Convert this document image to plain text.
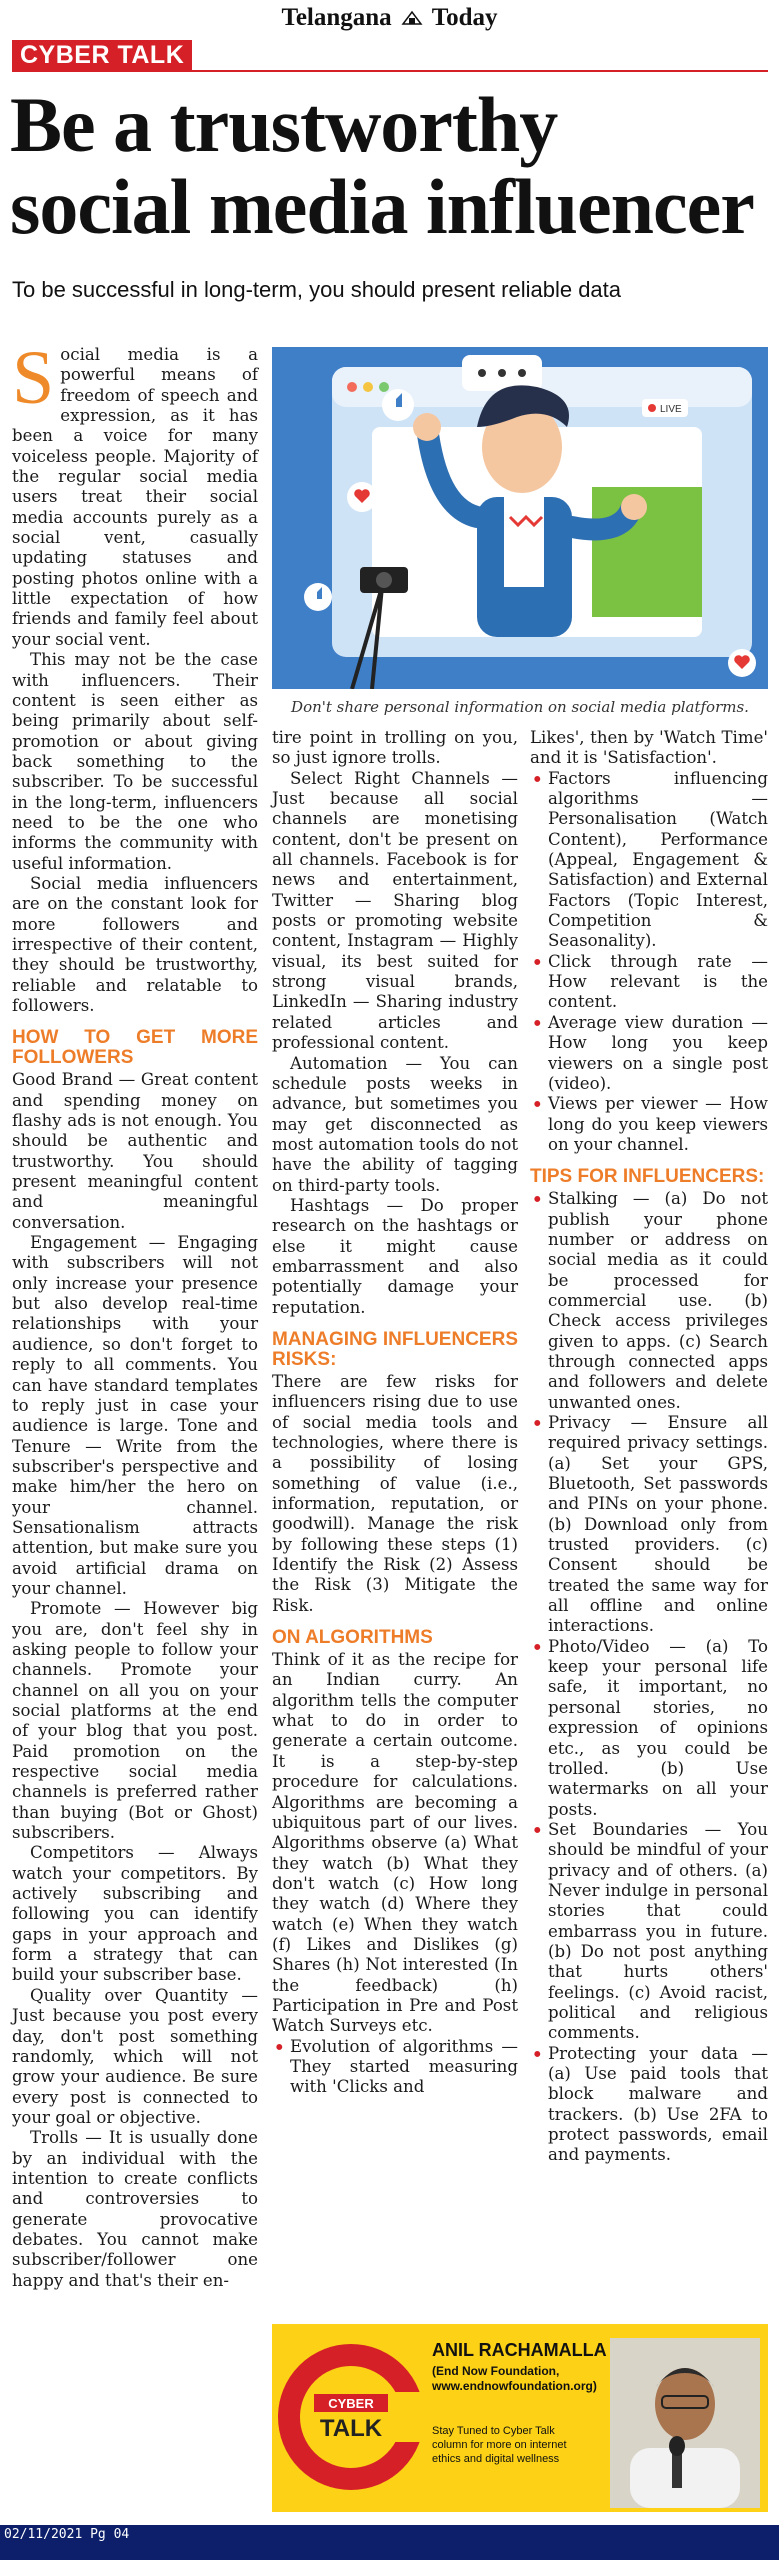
Telangana Today
CYBER TALK
Be a trustworthy
social media influencer
To be successful in long-term, you should present reliable data

Social media is a powerful means of freedom of speech and expression, as it has been a voice for many voiceless people. Majority of the regular social media users treat their social media accounts purely as a social vent, casually updating statuses and posting photos online with a little expectation of how friends and family feel about your social vent.

This may not be the case with influencers. Their content is seen either as being primarily about self-promotion or about giving back something to the subscriber. To be successful in the long-term, influencers need to be the one who informs the community with useful information.

Social media influencers are on the constant look for more followers and irrespective of their content, they should be trustworthy, reliable and relatable to followers.

HOW TO GET MORE FOLLOWERS

Good Brand — Great content and spending money on flashy ads is not enough. You should be authentic and trustworthy. You should present meaningful content and meaningful conversation.

Engagement — Engaging with subscribers will not only increase your presence but also develop real-time relationships with your audience, so don't forget to reply to all comments. You can have standard templates to reply just in case your audience is large. Tone and Tenure — Write from the subscriber's perspective and make him/her the hero on your channel. Sensationalism attracts attention, but make sure you avoid artificial drama on your channel.

Promote — However big you are, don't feel shy in asking people to follow your channels. Promote your channel on all you on your social platforms at the end of your blog that you post. Paid promotion on the respective social media channels is preferred rather than buying (Bot or Ghost) subscribers.

Competitors — Always watch your competitors. By actively subscribing and following you can identify gaps in your approach and form a strategy that can build your subscriber base.

Quality over Quantity — Just because you post every day, don't post something randomly, which will not grow your audience. Be sure every post is connected to your goal or objective.

Trolls — It is usually done by an individual with the intention to create conflicts and controversies to generate provocative debates. You cannot make subscriber/follower one happy and that's their en-

LIVE
Don't share personal information on social media platforms.

tire point in trolling on you, so just ignore trolls.

Select Right Channels — Just because all social channels are monetising content, don't be present on all channels. Facebook is for news and entertainment, Twitter — Sharing blog posts or promoting website content, Instagram — Highly visual, its best suited for strong visual brands, LinkedIn — Sharing industry related articles and professional content.

Automation — You can schedule posts weeks in advance, but sometimes you may get disconnected as most automation tools do not have the ability of tagging on third-party tools.

Hashtags — Do proper research on the hashtags or else it might cause embarrassment and also potentially damage your reputation.

MANAGING INFLUENCERS RISKS:

There are few risks for influencers rising due to use of social media tools and technologies, where there is a possibility of losing something of value (i.e., information, reputation, or goodwill). Manage the risk by following these steps (1) Identify the Risk (2) Assess the Risk (3) Mitigate the Risk.

ON ALGORITHMS

Think of it as the recipe for an Indian curry. An algorithm tells the computer what to do in order to generate a certain outcome. It is a step-by-step procedure for calculations. Algorithms are becoming a ubiquitous part of our lives. Algorithms observe (a) What they watch (b) What they don't watch (c) How long they watch (d) Where they watch (e) When they watch (f) Likes and Dislikes (g) Shares (h) Not interested (In the feedback) (h) Participation in Pre and Post Watch Surveys etc.

• Evolution of algorithms — They started measuring with 'Clicks and

Likes', then by 'Watch Time' and it is 'Satisfaction'.

• Factors influencing algorithms — Personalisation (Watch Content), Performance (Appeal, Engagement & Satisfaction) and External Factors (Topic Interest, Competition & Seasonality).
• Click through rate — How relevant is the content.
• Average view duration — How long you keep viewers on a single post (video).
• Views per viewer — How long do you keep viewers on your channel.
TIPS FOR INFLUENCERS:
• Stalking — (a) Do not publish your phone number or address on social media as it could be processed for commercial use. (b) Check access privileges given to apps. (c) Search through connected apps and followers and delete unwanted ones.
• Privacy — Ensure all required privacy settings. (a) Set your GPS, Bluetooth, Set passwords and PINs on your phone. (b) Download only from trusted providers. (c) Consent should be treated the same way for all offline and online interactions.
• Photo/Video — (a) To keep your personal life safe, it important, no personal stories, no expression of opinions etc., as you could be trolled. (b) Use watermarks on all your posts.
• Set Boundaries — You should be mindful of your privacy and of others. (a) Never indulge in personal stories that could embarrass you in future. (b) Do not post anything that hurts others' feelings. (c) Avoid racist, political and religious comments.
• Protecting your data — (a) Use paid tools that block malware and trackers. (b) Use 2FA to protect passwords, email and payments.
CYBER
TALK
ANIL RACHAMALLA
(End Now Foundation,
www.endnowfoundation.org)
Stay Tuned to Cyber Talk column for more on internet ethics and digital wellness
02/11/2021 Pg 04
